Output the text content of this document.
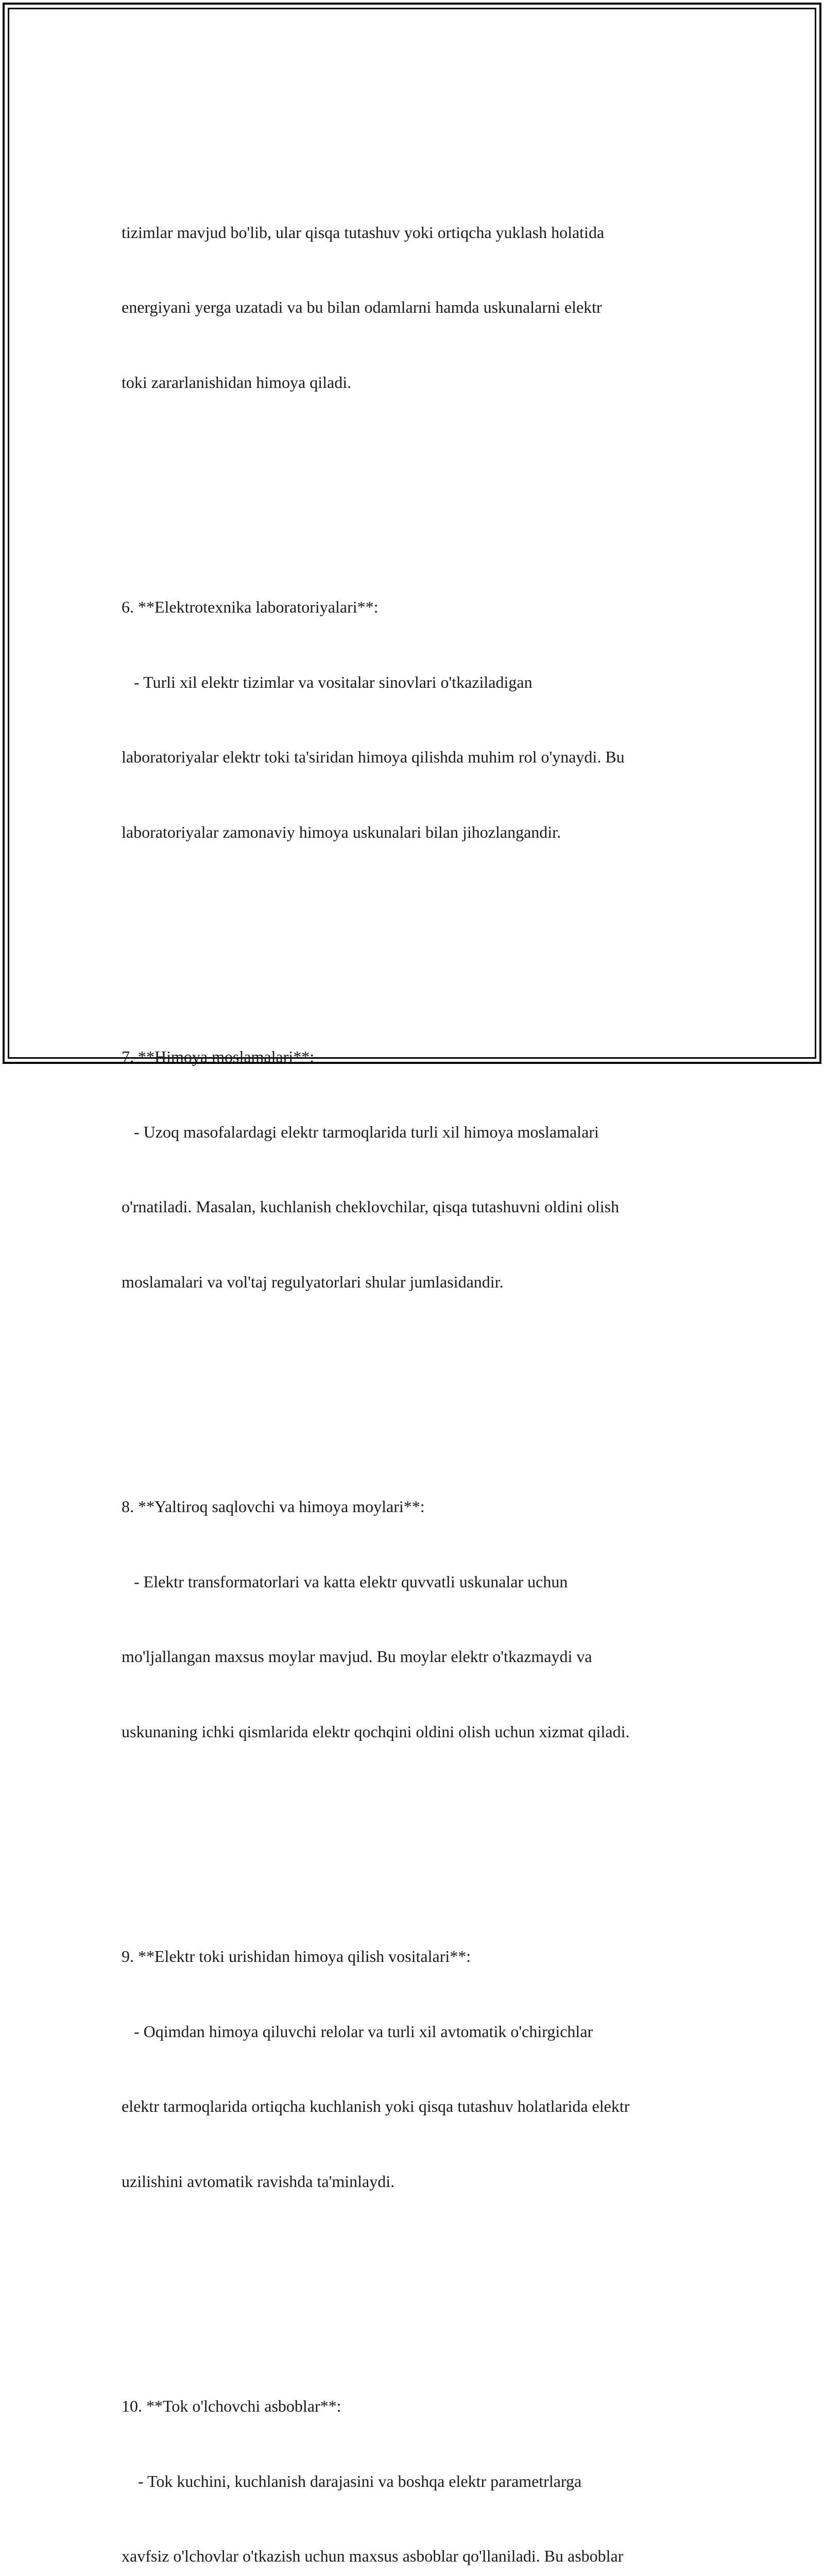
tizimlar mavjud bo'lib, ular qisqa tutashuv yoki ortiqcha yuklash holatida

energiyani yerga uzatadi va bu bilan odamlarni hamda uskunalarni elektr

toki zararlanishidan himoya qiladi.

6. **Elektrotexnika laboratoriyalari**:

- Turli xil elektr tizimlar va vositalar sinovlari o'tkaziladigan

laboratoriyalar elektr toki ta'siridan himoya qilishda muhim rol o'ynaydi. Bu

laboratoriyalar zamonaviy himoya uskunalari bilan jihozlangandir.

7. **Himoya moslamalari**:

- Uzoq masofalardagi elektr tarmoqlarida turli xil himoya moslamalari

o'rnatiladi. Masalan, kuchlanish cheklovchilar, qisqa tutashuvni oldini olish

moslamalari va vol'taj regulyatorlari shular jumlasidandir.

8. **Yaltiroq saqlovchi va himoya moylari**:

- Elektr transformatorlari va katta elektr quvvatli uskunalar uchun

mo'ljallangan maxsus moylar mavjud. Bu moylar elektr o'tkazmaydi va

uskunaning ichki qismlarida elektr qochqini oldini olish uchun xizmat qiladi.

9. **Elektr toki urishidan himoya qilish vositalari**:

- Oqimdan himoya qiluvchi relolar va turli xil avtomatik o'chirgichlar

elektr tarmoqlarida ortiqcha kuchlanish yoki qisqa tutashuv holatlarida elektr

uzilishini avtomatik ravishda ta'minlaydi.

10. **Tok o'lchovchi asboblar**:

- Tok kuchini, kuchlanish darajasini va boshqa elektr parametrlarga

xavfsiz o'lchovlar o'tkazish uchun maxsus asboblar qo'llaniladi. Bu asboblar
